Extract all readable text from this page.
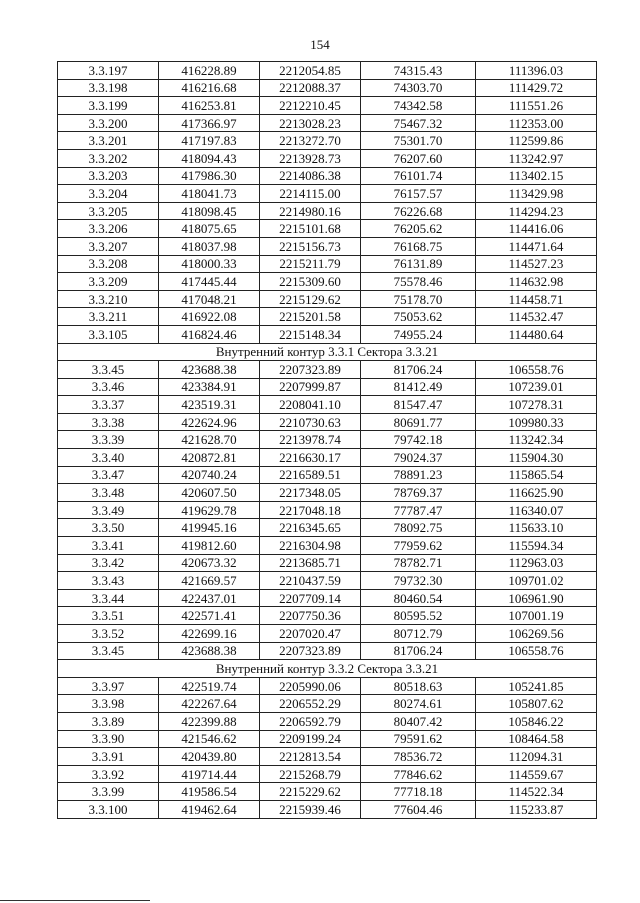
154
3.3.197	416228.89	2212054.85	74315.43	111396.03
3.3.198	416216.68	2212088.37	74303.70	111429.72
3.3.199	416253.81	2212210.45	74342.58	111551.26
3.3.200	417366.97	2213028.23	75467.32	112353.00
3.3.201	417197.83	2213272.70	75301.70	112599.86
3.3.202	418094.43	2213928.73	76207.60	113242.97
3.3.203	417986.30	2214086.38	76101.74	113402.15
3.3.204	418041.73	2214115.00	76157.57	113429.98
3.3.205	418098.45	2214980.16	76226.68	114294.23
3.3.206	418075.65	2215101.68	76205.62	114416.06
3.3.207	418037.98	2215156.73	76168.75	114471.64
3.3.208	418000.33	2215211.79	76131.89	114527.23
3.3.209	417445.44	2215309.60	75578.46	114632.98
3.3.210	417048.21	2215129.62	75178.70	114458.71
3.3.211	416922.08	2215201.58	75053.62	114532.47
3.3.105	416824.46	2215148.34	74955.24	114480.64
Внутренний контур 3.3.1 Сектора 3.3.21				
3.3.45	423688.38	2207323.89	81706.24	106558.76
3.3.46	423384.91	2207999.87	81412.49	107239.01
3.3.37	423519.31	2208041.10	81547.47	107278.31
3.3.38	422624.96	2210730.63	80691.77	109980.33
3.3.39	421628.70	2213978.74	79742.18	113242.34
3.3.40	420872.81	2216630.17	79024.37	115904.30
3.3.47	420740.24	2216589.51	78891.23	115865.54
3.3.48	420607.50	2217348.05	78769.37	116625.90
3.3.49	419629.78	2217048.18	77787.47	116340.07
3.3.50	419945.16	2216345.65	78092.75	115633.10
3.3.41	419812.60	2216304.98	77959.62	115594.34
3.3.42	420673.32	2213685.71	78782.71	112963.03
3.3.43	421669.57	2210437.59	79732.30	109701.02
3.3.44	422437.01	2207709.14	80460.54	106961.90
3.3.51	422571.41	2207750.36	80595.52	107001.19
3.3.52	422699.16	2207020.47	80712.79	106269.56
3.3.45	423688.38	2207323.89	81706.24	106558.76
Внутренний контур 3.3.2 Сектора 3.3.21				
3.3.97	422519.74	2205990.06	80518.63	105241.85
3.3.98	422267.64	2206552.29	80274.61	105807.62
3.3.89	422399.88	2206592.79	80407.42	105846.22
3.3.90	421546.62	2209199.24	79591.62	108464.58
3.3.91	420439.80	2212813.54	78536.72	112094.31
3.3.92	419714.44	2215268.79	77846.62	114559.67
3.3.99	419586.54	2215229.62	77718.18	114522.34
3.3.100	419462.64	2215939.46	77604.46	115233.87
